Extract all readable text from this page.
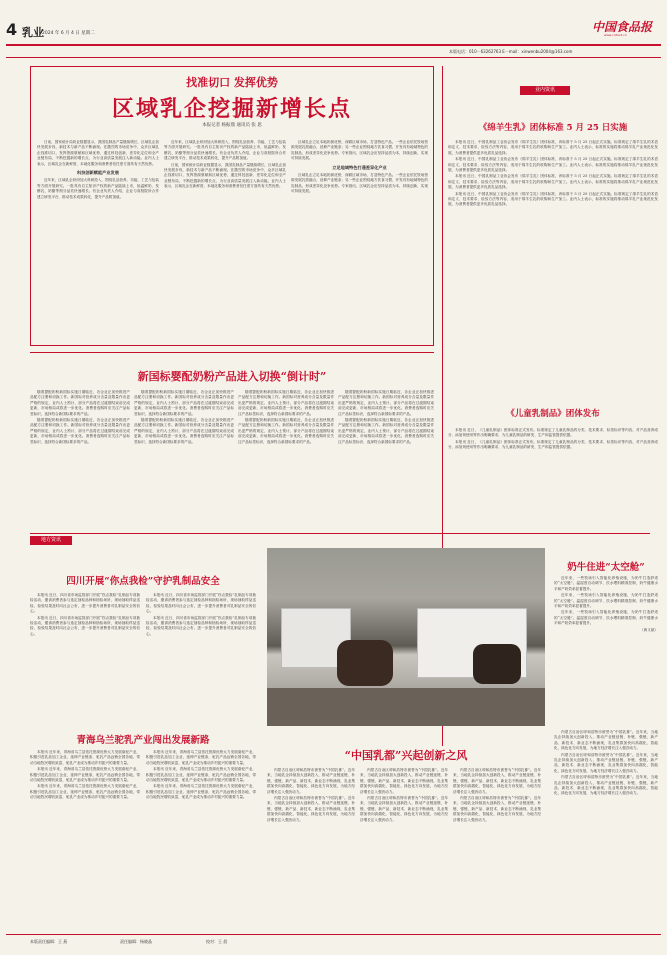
4 乳业
2024 年 6 月 4 日 星期二	中国食品报
www.cnfood.cn
本版电话：010－63262763 E－mail：xinwenbu2004@163.com
找准切口 发挥优势
区域乳企挖掘新增长点
本报记者 杨振鼎 通讯员 张 思

日前，国家统计局奶业数据显示，我国乳制品产量继续增长，区域乳企加快发展步伐，新技术与新产品不断涌现。在激烈的市场竞争中，众多区域乳企找准切口，发挥资源禀赋和区域优势，通过科技创新、差异化定位和全产业链布局，不断挖掘新的增长点，为行业高质量发展注入新动能。业内人士表示，区域乳企在新鲜度、本地化服务和消费者信任度方面具有天然优势。

科技创新赋能产业发展

近年来，区域乳企纷纷加大科研投入，围绕乳品营养、功能、工艺与包装等方面开展研究。一批具有自主知识产权的新产品陆续上市，低温鲜奶、发酵乳、奶酪等细分品类快速增长。有企业负责人介绍，企业与高校院所合作建立研发平台，推动技术成果转化，提升产品附加值。

近年来，区域乳企纷纷加大科研投入，围绕乳品营养、功能、工艺与包装等方面开展研究。一批具有自主知识产权的新产品陆续上市，低温鲜奶、发酵乳、奶酪等细分品类快速增长。有企业负责人介绍，企业与高校院所合作建立研发平台，推动技术成果转化，提升产品附加值。

日前，国家统计局奶业数据显示，我国乳制品产量继续增长，区域乳企加快发展步伐，新技术与新产品不断涌现。在激烈的市场竞争中，众多区域乳企找准切口，发挥资源禀赋和区域优势，通过科技创新、差异化定位和全产业链布局，不断挖掘新的增长点，为行业高质量发展注入新动能。业内人士表示，区域乳企在新鲜度、本地化服务和消费者信任度方面具有天然优势。

区域乳企立足本地奶源优势，深耕区域市场，打造特色产品。一些企业依托牧场资源发展乳旅融合，延伸产业链条；另一些企业围绕地方饮食习惯，开发具有地域特色的乳制品，形成差异化竞争优势。专家指出，区域乳企应坚持品质为本，持续创新，实现可持续发展。

立足地域特色打通差异化产业

区域乳企立足本地奶源优势，深耕区域市场，打造特色产品。一些企业依托牧场资源发展乳旅融合，延伸产业链条；另一些企业围绕地方饮食习惯，开发具有地域特色的乳制品，形成差异化竞争优势。专家指出，区域乳企应坚持品质为本，持续创新，实现可持续发展。

业内资讯
《绵羊生乳》团体标准 5 月 25 日实施

本报讯 近日，中国乳制品工业协会发布《绵羊生乳》团体标准，该标准于 5 月 25 日起正式实施。标准规定了绵羊生乳的术语和定义、技术要求、检验方法等内容，适用于绵羊生乳的收购和生产加工。业内人士表示，标准的实施将推动绵羊乳产业规范化发展，为消费者提供更多优质乳品选择。

本报讯 近日，中国乳制品工业协会发布《绵羊生乳》团体标准，该标准于 5 月 25 日起正式实施。标准规定了绵羊生乳的术语和定义、技术要求、检验方法等内容，适用于绵羊生乳的收购和生产加工。业内人士表示，标准的实施将推动绵羊乳产业规范化发展，为消费者提供更多优质乳品选择。

本报讯 近日，中国乳制品工业协会发布《绵羊生乳》团体标准，该标准于 5 月 25 日起正式实施。标准规定了绵羊生乳的术语和定义、技术要求、检验方法等内容，适用于绵羊生乳的收购和生产加工。业内人士表示，标准的实施将推动绵羊乳产业规范化发展，为消费者提供更多优质乳品选择。

本报讯 近日，中国乳制品工业协会发布《绵羊生乳》团体标准，该标准于 5 月 25 日起正式实施。标准规定了绵羊生乳的术语和定义、技术要求、检验方法等内容，适用于绵羊生乳的收购和生产加工。业内人士表示，标准的实施将推动绵羊乳产业规范化发展，为消费者提供更多优质乳品选择。

《儿童乳制品》团体发布

本报讯 近日，《儿童乳制品》团体标准正式发布。标准规定了儿童乳制品的分类、技术要求、标签标识等内容，对产品营养成分、添加剂使用等作出明确要求，为儿童乳制品的研发、生产和监管提供依据。

本报讯 近日，《儿童乳制品》团体标准正式发布。标准规定了儿童乳制品的分类、技术要求、标签标识等内容，对产品营养成分、添加剂使用等作出明确要求，为儿童乳制品的研发、生产和监管提供依据。

新国标婴配奶粉产品进入切换“倒计时”

随着婴配奶粉新国标实施日期临近，各企业正加快推进产品配方注册和切换工作。新国标对营养成分含量及限量作出更严格的规定，业内人士预计，部分产品将在过渡期结束前完成更新，市场格局或将进一步优化。消费者选购时应关注产品标签标识，选择符合新国标要求的产品。

随着婴配奶粉新国标实施日期临近，各企业正加快推进产品配方注册和切换工作。新国标对营养成分含量及限量作出更严格的规定，业内人士预计，部分产品将在过渡期结束前完成更新，市场格局或将进一步优化。消费者选购时应关注产品标签标识，选择符合新国标要求的产品。

随着婴配奶粉新国标实施日期临近，各企业正加快推进产品配方注册和切换工作。新国标对营养成分含量及限量作出更严格的规定，业内人士预计，部分产品将在过渡期结束前完成更新，市场格局或将进一步优化。消费者选购时应关注产品标签标识，选择符合新国标要求的产品。

随着婴配奶粉新国标实施日期临近，各企业正加快推进产品配方注册和切换工作。新国标对营养成分含量及限量作出更严格的规定，业内人士预计，部分产品将在过渡期结束前完成更新，市场格局或将进一步优化。消费者选购时应关注产品标签标识，选择符合新国标要求的产品。

随着婴配奶粉新国标实施日期临近，各企业正加快推进产品配方注册和切换工作。新国标对营养成分含量及限量作出更严格的规定，业内人士预计，部分产品将在过渡期结束前完成更新，市场格局或将进一步优化。消费者选购时应关注产品标签标识，选择符合新国标要求的产品。

随着婴配奶粉新国标实施日期临近，各企业正加快推进产品配方注册和切换工作。新国标对营养成分含量及限量作出更严格的规定，业内人士预计，部分产品将在过渡期结束前完成更新，市场格局或将进一步优化。消费者选购时应关注产品标签标识，选择符合新国标要求的产品。

随着婴配奶粉新国标实施日期临近，各企业正加快推进产品配方注册和切换工作。新国标对营养成分含量及限量作出更严格的规定，业内人士预计，部分产品将在过渡期结束前完成更新，市场格局或将进一步优化。消费者选购时应关注产品标签标识，选择符合新国标要求的产品。

随着婴配奶粉新国标实施日期临近，各企业正加快推进产品配方注册和切换工作。新国标对营养成分含量及限量作出更严格的规定，业内人士预计，部分产品将在过渡期结束前完成更新，市场格局或将进一步优化。消费者选购时应关注产品标签标识，选择符合新国标要求的产品。

地方资讯
四川开展“你点我检”守护乳制品安全

本报讯 近日，四川省市场监管部门开展“你点我检”乳制品专项抽检活动，邀请消费者参与选定抽检品种和抽检场所，现场抽取样品送检，检验结果及时向社会公布，进一步提升消费者对乳制品安全的信心。

本报讯 近日，四川省市场监管部门开展“你点我检”乳制品专项抽检活动，邀请消费者参与选定抽检品种和抽检场所，现场抽取样品送检，检验结果及时向社会公布，进一步提升消费者对乳制品安全的信心。

本报讯 近日，四川省市场监管部门开展“你点我检”乳制品专项抽检活动，邀请消费者参与选定抽检品种和抽检场所，现场抽取样品送检，检验结果及时向社会公布，进一步提升消费者对乳制品安全的信心。

本报讯 近日，四川省市场监管部门开展“你点我检”乳制品专项抽检活动，邀请消费者参与选定抽检品种和抽检场所，现场抽取样品送检，检验结果及时向社会公布，进一步提升消费者对乳制品安全的信心。

青海乌兰驼乳产业闯出发展新路

本报讯 近年来，青海省乌兰县依托资源优势大力发展骆驼产业，积极引进乳品加工企业，延伸产业链条，驼乳产品远销全国各地，带动当地牧民增收致富，驼乳产业成为推动乡村振兴的重要力量。

本报讯 近年来，青海省乌兰县依托资源优势大力发展骆驼产业，积极引进乳品加工企业，延伸产业链条，驼乳产品远销全国各地，带动当地牧民增收致富，驼乳产业成为推动乡村振兴的重要力量。

本报讯 近年来，青海省乌兰县依托资源优势大力发展骆驼产业，积极引进乳品加工企业，延伸产业链条，驼乳产品远销全国各地，带动当地牧民增收致富，驼乳产业成为推动乡村振兴的重要力量。

本报讯 近年来，青海省乌兰县依托资源优势大力发展骆驼产业，积极引进乳品加工企业，延伸产业链条，驼乳产品远销全国各地，带动当地牧民增收致富，驼乳产业成为推动乡村振兴的重要力量。

本报讯 近年来，青海省乌兰县依托资源优势大力发展骆驼产业，积极引进乳品加工企业，延伸产业链条，驼乳产品远销全国各地，带动当地牧民增收致富，驼乳产业成为推动乡村振兴的重要力量。

本报讯 近年来，青海省乌兰县依托资源优势大力发展骆驼产业，积极引进乳品加工企业，延伸产业链条，驼乳产品远销全国各地，带动当地牧民增收致富，驼乳产业成为推动乡村振兴的重要力量。

奶牛住进“太空舱”

近年来，一些牧场引入智能化养殖设施，为奶牛打造舒适的“太空舱”。温湿度自动调节、饮水喂料精准控制，奶牛健康水平和产奶效率显著提升。

近年来，一些牧场引入智能化养殖设施，为奶牛打造舒适的“太空舱”。温湿度自动调节、饮水喂料精准控制，奶牛健康水平和产奶效率显著提升。

近年来，一些牧场引入智能化养殖设施，为奶牛打造舒适的“太空舱”。温湿度自动调节、饮水喂料精准控制，奶牛健康水平和产奶效率显著提升。

（黄义斌）

“中国乳都”兴起创新之风

内蒙古自治区呼和浩特市被誉为“中国乳都”。近年来，当地乳企持续加大创新投入，推动产业链延链、补链、强链，新产品、新技术、新业态不断涌现，乳业集群加快向高端化、智能化、绿色化方向发展，为地方经济增长注入强劲动力。

内蒙古自治区呼和浩特市被誉为“中国乳都”。近年来，当地乳企持续加大创新投入，推动产业链延链、补链、强链，新产品、新技术、新业态不断涌现，乳业集群加快向高端化、智能化、绿色化方向发展，为地方经济增长注入强劲动力。

内蒙古自治区呼和浩特市被誉为“中国乳都”。近年来，当地乳企持续加大创新投入，推动产业链延链、补链、强链，新产品、新技术、新业态不断涌现，乳业集群加快向高端化、智能化、绿色化方向发展，为地方经济增长注入强劲动力。

内蒙古自治区呼和浩特市被誉为“中国乳都”。近年来，当地乳企持续加大创新投入，推动产业链延链、补链、强链，新产品、新技术、新业态不断涌现，乳业集群加快向高端化、智能化、绿色化方向发展，为地方经济增长注入强劲动力。

内蒙古自治区呼和浩特市被誉为“中国乳都”。近年来，当地乳企持续加大创新投入，推动产业链延链、补链、强链，新产品、新技术、新业态不断涌现，乳业集群加快向高端化、智能化、绿色化方向发展，为地方经济增长注入强劲动力。

内蒙古自治区呼和浩特市被誉为“中国乳都”。近年来，当地乳企持续加大创新投入，推动产业链延链、补链、强链，新产品、新技术、新业态不断涌现，乳业集群加快向高端化、智能化、绿色化方向发展，为地方经济增长注入强劲动力。

内蒙古自治区呼和浩特市被誉为“中国乳都”。近年来，当地乳企持续加大创新投入，推动产业链延链、补链、强链，新产品、新技术、新业态不断涌现，乳业集群加快向高端化、智能化、绿色化方向发展，为地方经济增长注入强劲动力。

内蒙古自治区呼和浩特市被誉为“中国乳都”。近年来，当地乳企持续加大创新投入，推动产业链延链、补链、强链，新产品、新技术、新业态不断涌现，乳业集群加快向高端化、智能化、绿色化方向发展，为地方经济增长注入强劲动力。

内蒙古自治区呼和浩特市被誉为“中国乳都”。近年来，当地乳企持续加大创新投入，推动产业链延链、补链、强链，新产品、新技术、新业态不断涌现，乳业集群加快向高端化、智能化、绿色化方向发展，为地方经济增长注入强劲动力。

本版责任编辑：王 燕	责任编辑：杨晓晶	校对：王 晨
